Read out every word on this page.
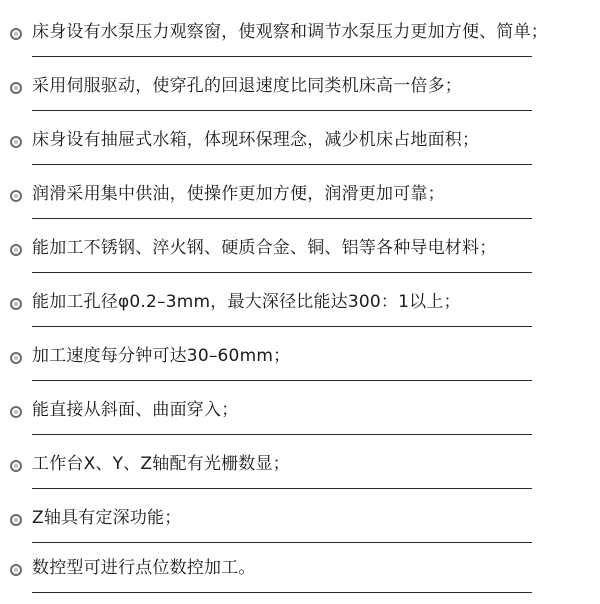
床身设有水泵压力观察窗，使观察和调节水泵压力更加方便、简单；
采用伺服驱动，使穿孔的回退速度比同类机床高一倍多；
床身设有抽屉式水箱，体现环保理念，减少机床占地面积；
润滑采用集中供油，使操作更加方便，润滑更加可靠；
能加工不锈钢、淬火钢、硬质合金、铜、铝等各种导电材料；
能加工孔径φ0.2–3mm，最大深径比能达300：1以上；
加工速度每分钟可达30–60mm；
能直接从斜面、曲面穿入；
工作台X、Y、Z轴配有光栅数显；
Z轴具有定深功能；
数控型可进行点位数控加工。
